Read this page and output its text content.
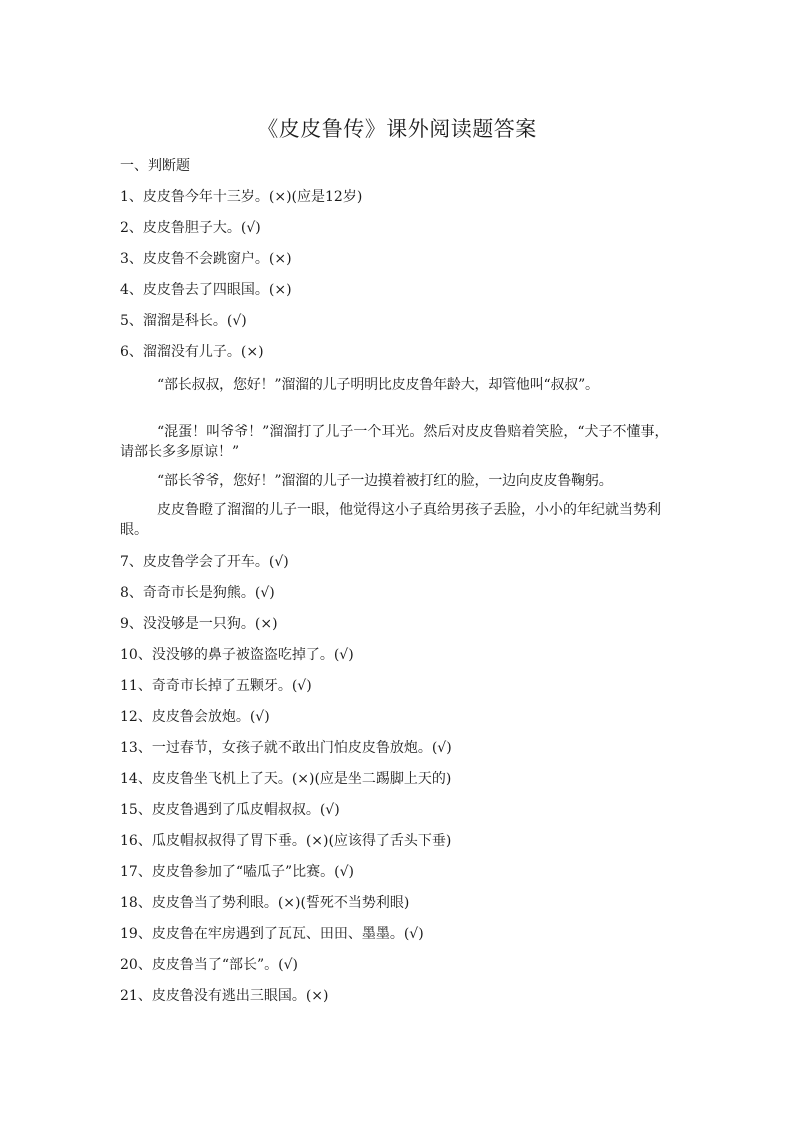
《皮皮鲁传》课外阅读题答案
一、判断题
1、皮皮鲁今年十三岁。(×)(应是12岁)
2、皮皮鲁胆子大。(√)
3、皮皮鲁不会跳窗户。(×)
4、皮皮鲁去了四眼国。(×)
5、溜溜是科长。(√)
6、溜溜没有儿子。(×)

“部长叔叔，您好！”溜溜的儿子明明比皮皮鲁年龄大，却管他叫“叔叔”。

“混蛋！叫爷爷！”溜溜打了儿子一个耳光。然后对皮皮鲁赔着笑脸，“犬子不懂事，请部长多多原谅！”

“部长爷爷，您好！”溜溜的儿子一边摸着被打红的脸，一边向皮皮鲁鞠躬。

皮皮鲁瞪了溜溜的儿子一眼，他觉得这小子真给男孩子丢脸，小小的年纪就当势利眼。

7、皮皮鲁学会了开车。(√)
8、奇奇市长是狗熊。(√)
9、没没够是一只狗。(×)
10、没没够的鼻子被盗盗吃掉了。(√)
11、奇奇市长掉了五颗牙。(√)
12、皮皮鲁会放炮。(√)
13、一过春节，女孩子就不敢出门怕皮皮鲁放炮。(√)
14、皮皮鲁坐飞机上了天。(×)(应是坐二踢脚上天的)
15、皮皮鲁遇到了瓜皮帽叔叔。(√)
16、瓜皮帽叔叔得了胃下垂。(×)(应该得了舌头下垂)
17、皮皮鲁参加了“嗑瓜子”比赛。(√)
18、皮皮鲁当了势利眼。(×)(誓死不当势利眼)
19、皮皮鲁在牢房遇到了瓦瓦、田田、墨墨。(√)
20、皮皮鲁当了“部长”。(√)
21、皮皮鲁没有逃出三眼国。(×)
